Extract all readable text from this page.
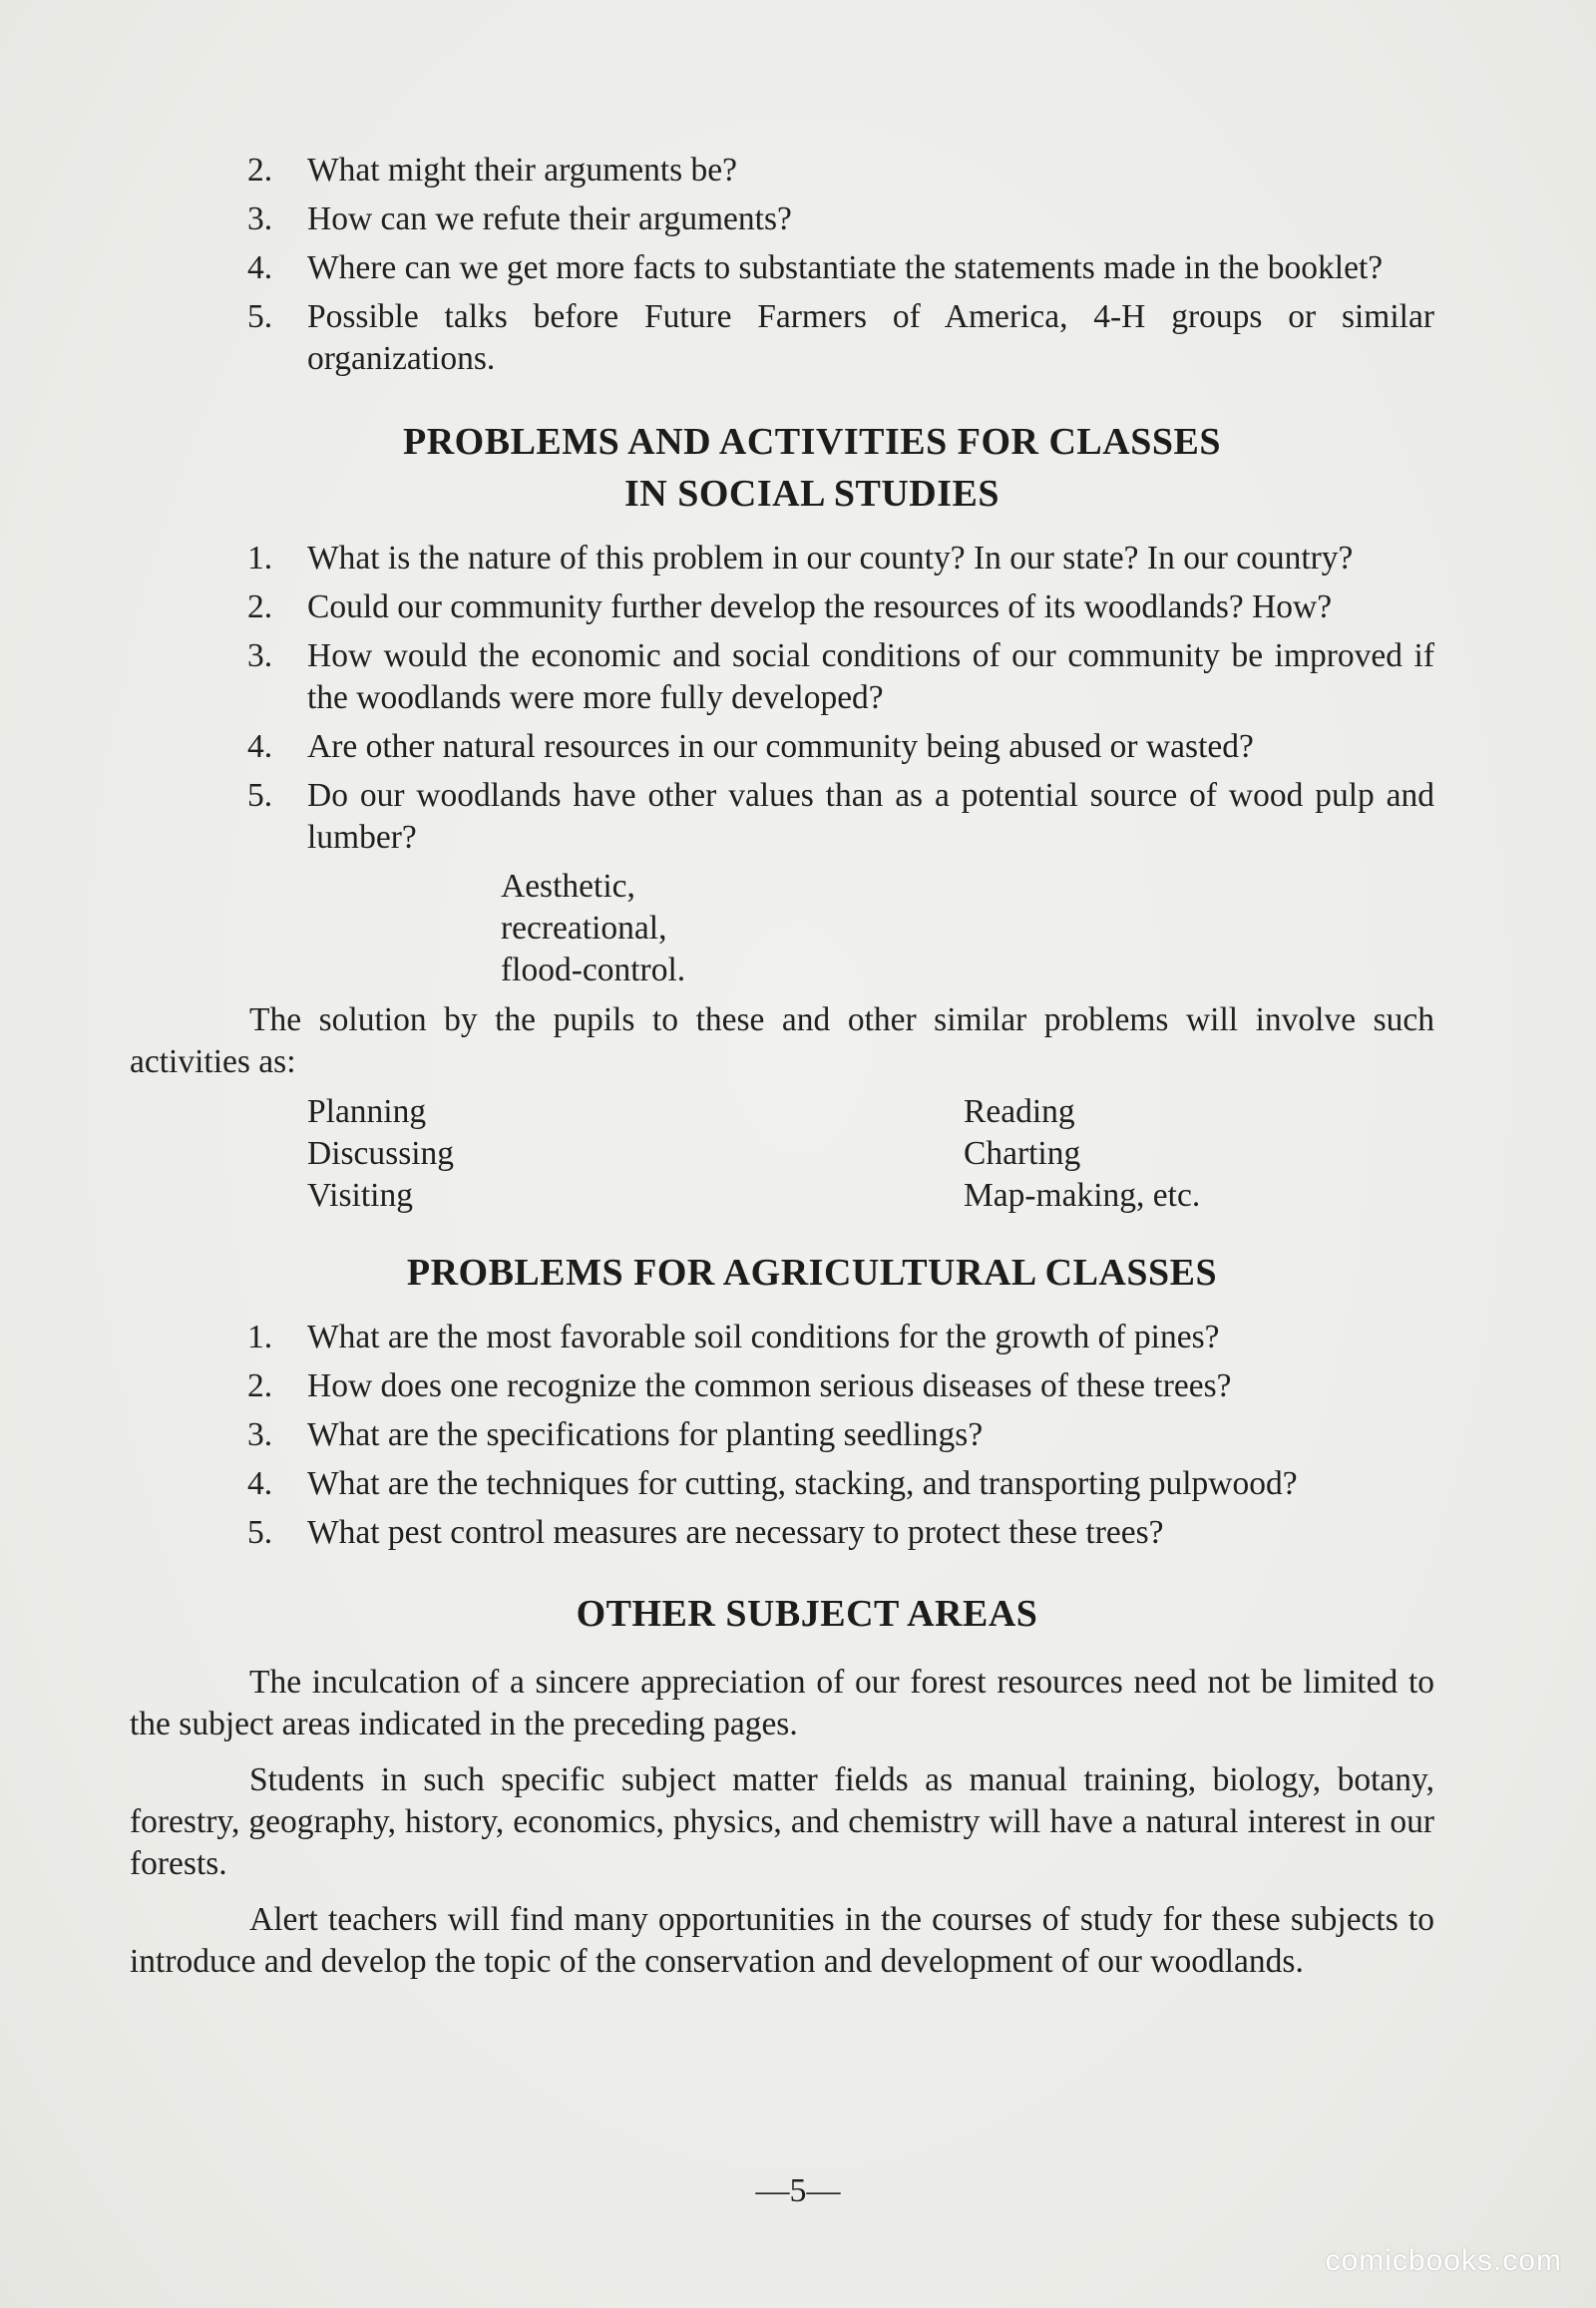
2.	What might their arguments be?
3.	How can we refute their arguments?
4.	Where can we get more facts to substantiate the statements made in the booklet?
5.	Possible talks before Future Farmers of America, 4-H groups or similar organizations.
PROBLEMS AND ACTIVITIES FOR CLASSES
IN SOCIAL STUDIES
1.	What is the nature of this problem in our county? In our state? In our country?
2.	Could our community further develop the resources of its woodlands? How?
3.	How would the economic and social conditions of our community be improved if the woodlands were more fully developed?
4.	Are other natural resources in our community being abused or wasted?
5.	Do our woodlands have other values than as a potential source of wood pulp and lumber?
Aesthetic,
recreational,
flood-control.

The solution by the pupils to these and other similar problems will involve such activities as:

Planning	Reading
Discussing	Charting
Visiting	Map-making, etc.
PROBLEMS FOR AGRICULTURAL CLASSES
1.	What are the most favorable soil conditions for the growth of pines?
2.	How does one recognize the common serious diseases of these trees?
3.	What are the specifications for planting seedlings?
4.	What are the techniques for cutting, stacking, and transporting pulpwood?
5.	What pest control measures are necessary to protect these trees?
OTHER SUBJECT AREAS

The inculcation of a sincere appreciation of our forest resources need not be limited to the subject areas indicated in the preceding pages.

Students in such specific subject matter fields as manual training, biology, botany, forestry, geography, history, economics, physics, and chemistry will have a natural interest in our forests.

Alert teachers will find many opportunities in the courses of study for these subjects to introduce and develop the topic of the conservation and development of our woodlands.

—5—
comicbooks.com
